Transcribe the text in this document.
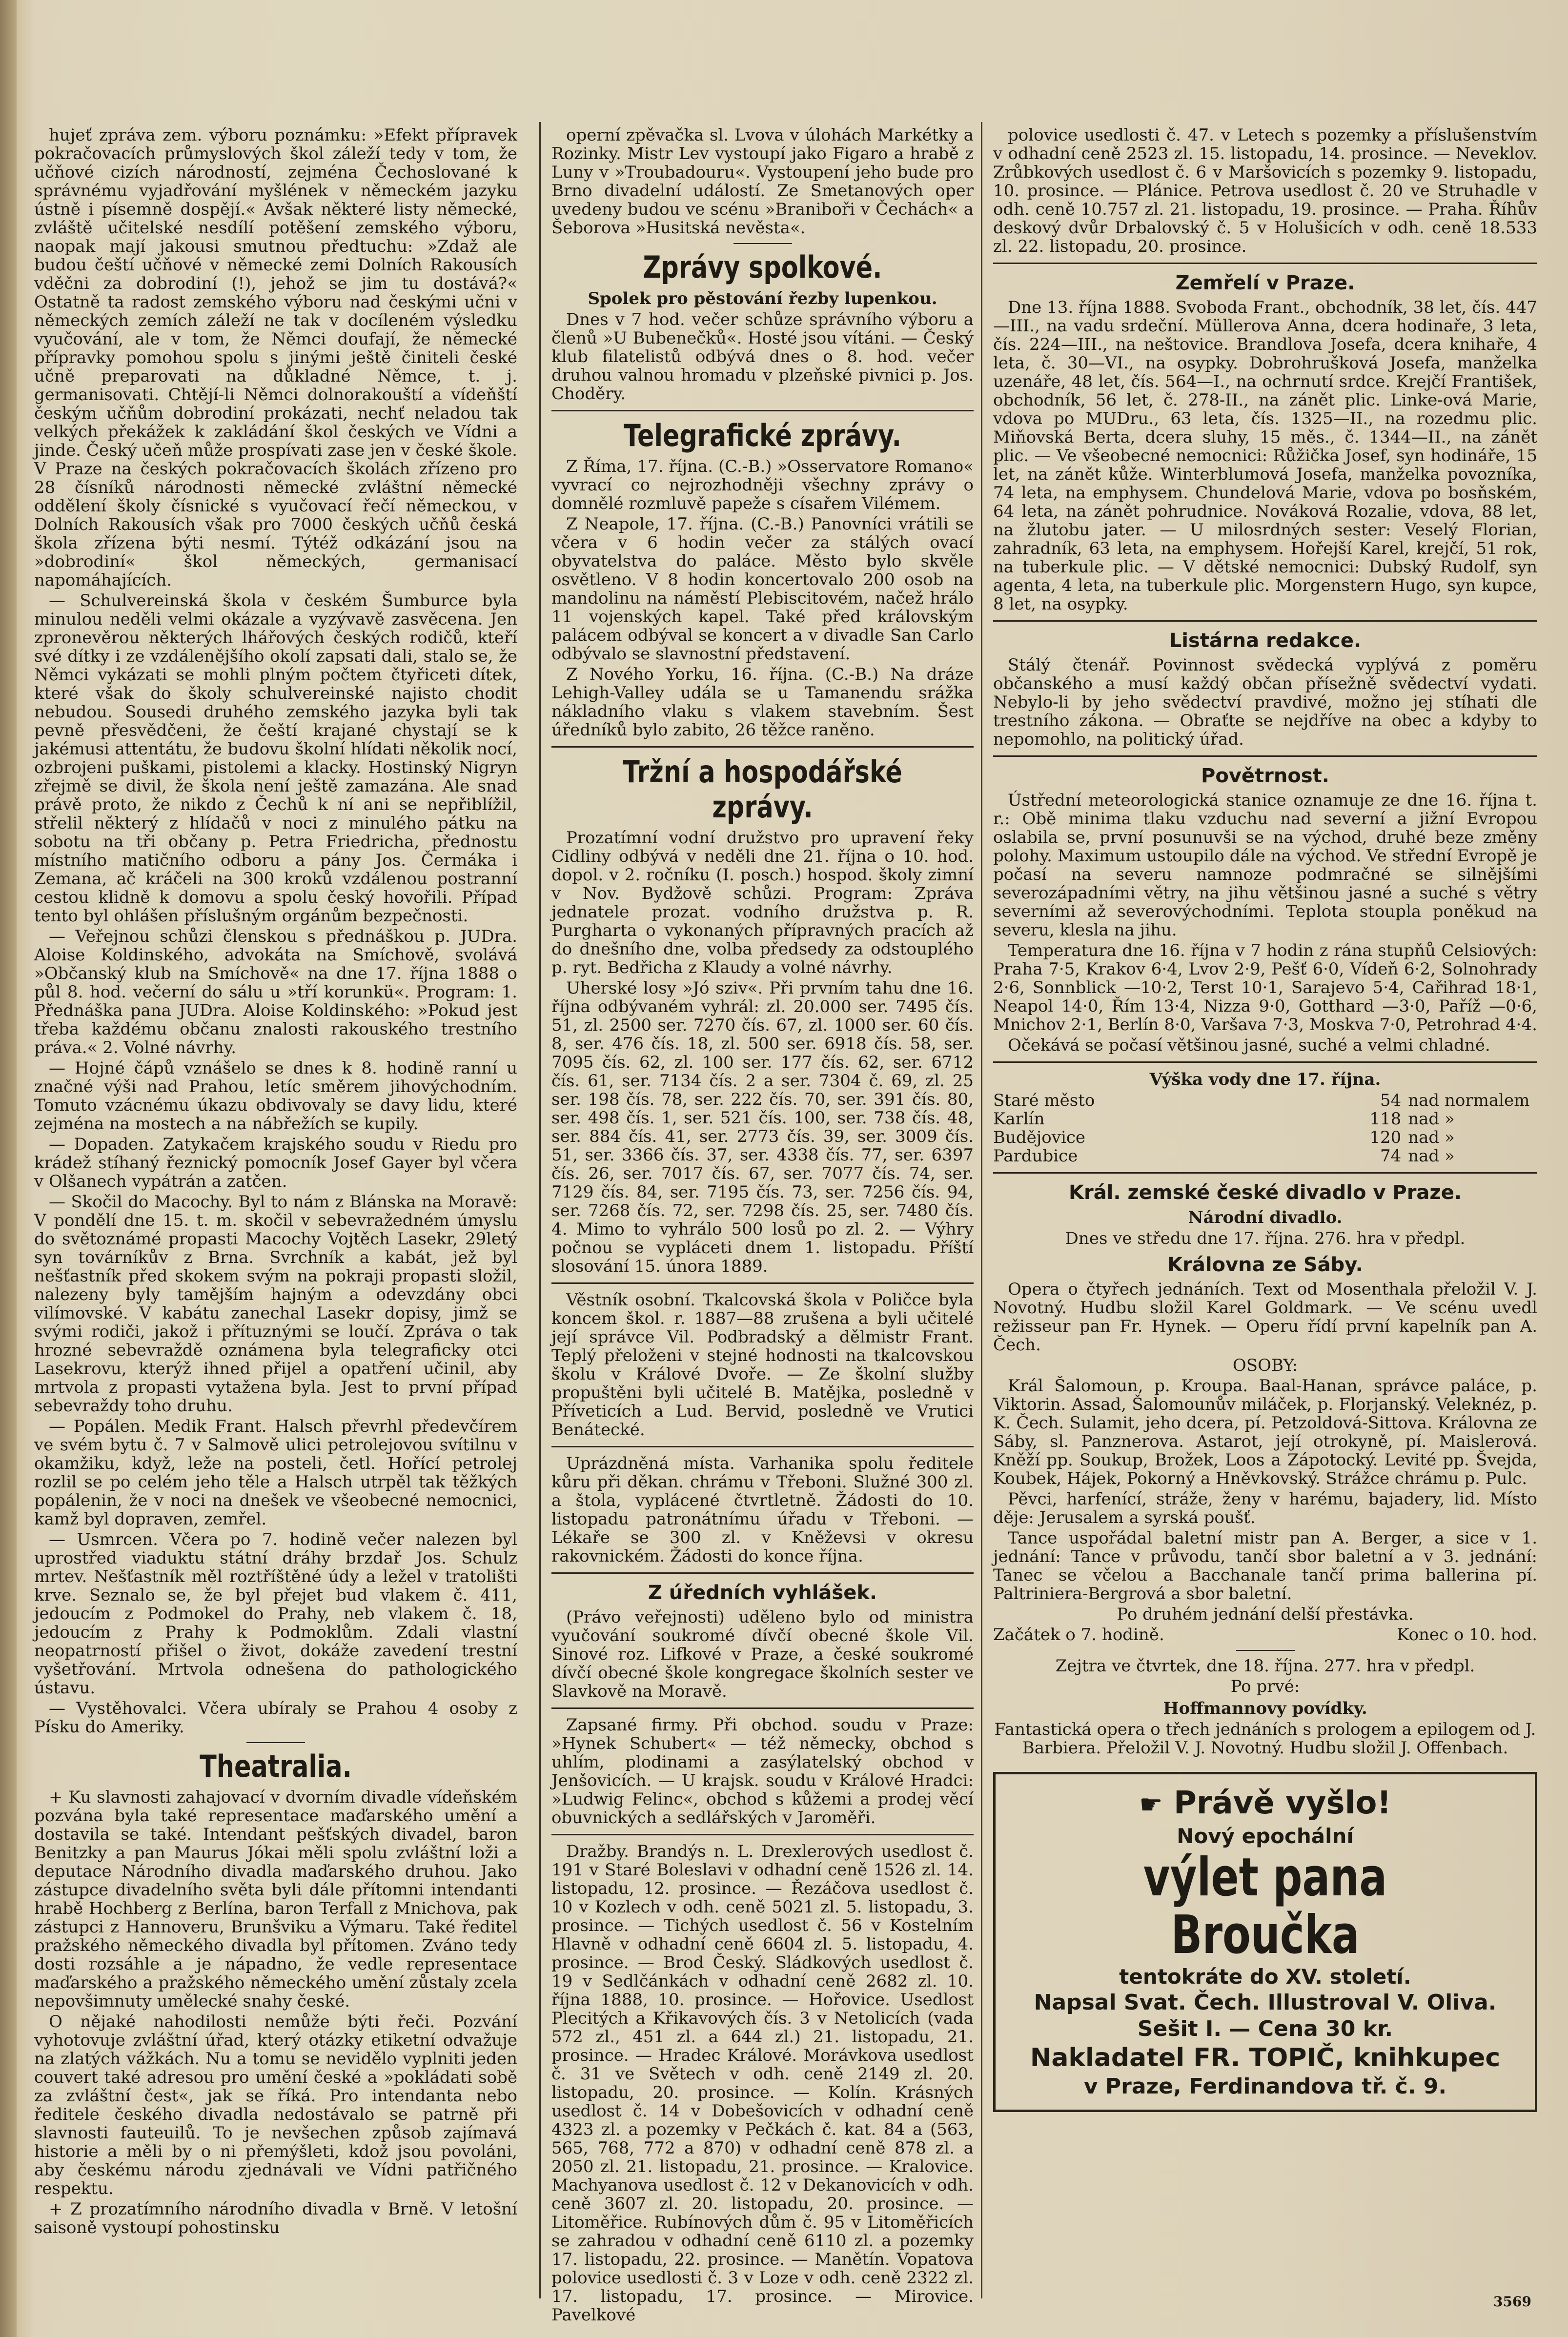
hujeť zpráva zem. výboru poznámku: »Efekt přípravek pokračovacích průmyslových škol záleží tedy v tom, že učňové cizích národností, zejména Čechoslované k správnému vyjadřování myšlének v německém jazyku ústně i písemně dospějí.« Avšak některé listy německé, zvláště učitelské nesdílí potěšení zemského výboru, naopak mají jakousi smutnou předtuchu: »Zdaž ale budou čeští učňové v německé zemi Dolních Rakousích vděčni za dobrodiní (!), jehož se jim tu dostává?« Ostatně ta radost zemského výboru nad českými učni v německých zemích záleží ne tak v docíleném výsledku vyučování, ale v tom, že Němci doufají, že německé přípravky pomohou spolu s jinými ještě činiteli české učně preparovati na důkladné Němce, t. j. germanisovati. Chtějí-li Němci dolnorakouští a vídeňští českým učňům dobrodiní prokázati, nechť neladou tak velkých překážek k zakládání škol českých ve Vídni a jinde. Český učeň může prospívati zase jen v české škole. V Praze na českých pokračovacích školách zřízeno pro 28 čísníků národnosti německé zvláštní německé oddělení školy čísnické s vyučovací řečí německou, v Dolních Rakousích však pro 7000 českých učňů česká škola zřízena býti nesmí. Týtéž odkázání jsou na »dobrodiní« škol německých, germanisací napomáhajících.

— Schulvereinská škola v českém Šumburce byla minulou neděli velmi okázale a vyzývavě zasvěcena. Jen zpronevěrou některých lhářových českých rodičů, kteří své dítky i ze vzdálenějšího okolí zapsati dali, stalo se, že Němci vykázati se mohli plným počtem čtyřiceti dítek, které však do školy schulvereinské najisto chodit nebudou. Sousedi druhého zemského jazyka byli tak pevně přesvědčeni, že čeští krajané chystají se k jakémusi attentátu, že budovu školní hlídati několik nocí, ozbrojeni puškami, pistolemi a klacky. Hostinský Nigryn zřejmě se divil, že škola není ještě zamazána. Ale snad právě proto, že nikdo z Čechů k ní ani se nepřiblížil, střelil některý z hlídačů v noci z minulého pátku na sobotu na tři občany p. Petra Friedricha, přednostu místního matičního odboru a pány Jos. Čermáka i Zemana, ač kráčeli na 300 kroků vzdálenou postranní cestou klidně k domovu a spolu český hovořili. Případ tento byl ohlášen příslušným orgánům bezpečnosti.

— Veřejnou schůzi členskou s přednáškou p. JUDra. Aloise Koldinského, advokáta na Smíchově, svolává »Občanský klub na Smíchově« na dne 17. října 1888 o půl 8. hod. večerní do sálu u »tří korunkü«. Program: 1. Přednáška pana JUDra. Aloise Koldinského: »Pokud jest třeba každému občanu znalosti rakouského trestního práva.« 2. Volné návrhy.

— Hojné čápů vznášelo se dnes k 8. hodině ranní u značné výši nad Prahou, letíc směrem jihovýchodním. Tomuto vzácnému úkazu obdivovaly se davy lidu, které zejména na mostech a na nábřežích se kupily.

— Dopaden. Zatykačem krajského soudu v Riedu pro krádež stíhaný řeznický pomocník Josef Gayer byl včera v Olšanech vypátrán a zatčen.

— Skočil do Macochy. Byl to nám z Blánska na Moravě: V pondělí dne 15. t. m. skočil v sebevražedném úmyslu do světoznámé propasti Macochy Vojtěch Lasekr, 29letý syn továrníkův z Brna. Svrchník a kabát, jež byl nešťastník před skokem svým na pokraji propasti složil, nalezeny byly tamějším hajným a odevzdány obci vilímovské. V kabátu zanechal Lasekr dopisy, jimž se svými rodiči, jakož i přítuznými se loučí. Zpráva o tak hrozné sebevraždě oznámena byla telegraficky otci Lasekrovu, kterýž ihned přijel a opatření učinil, aby mrtvola z propasti vytažena byla. Jest to první případ sebevraždy toho druhu.

— Popálen. Medik Frant. Halsch převrhl předevčírem ve svém bytu č. 7 v Salmově ulici petrolejovou svítilnu v okamžiku, když, leže na posteli, četl. Hořící petrolej rozlil se po celém jeho těle a Halsch utrpěl tak těžkých popálenin, že v noci na dnešek ve všeobecné nemocnici, kamž byl dopraven, zemřel.

— Usmrcen. Včera po 7. hodině večer nalezen byl uprostřed viaduktu státní dráhy brzdař Jos. Schulz mrtev. Nešťastník měl roztříštěné údy a ležel v tratolišti krve. Seznalo se, že byl přejet bud vlakem č. 411, jedoucím z Podmokel do Prahy, neb vlakem č. 18, jedoucím z Prahy k Podmoklům. Zdali vlastní neopatrností přišel o život, dokáže zavedení trestní vyšetřování. Mrtvola odnešena do pathologického ústavu.

— Vystěhovalci. Včera ubíraly se Prahou 4 osoby z Písku do Ameriky.

Theatralia.

+ Ku slavnosti zahajovací v dvorním divadle vídeňském pozvána byla také representace maďarského umění a dostavila se také. Intendant pešťských divadel, baron Benitzky a pan Maurus Jókai měli spolu zvláštní loži a deputace Národního divadla maďarského druhou. Jako zástupce divadelního světa byli dále přítomni intendanti hrabě Hochberg z Berlína, baron Terfall z Mnichova, pak zástupci z Hannoveru, Brunšviku a Výmaru. Také ředitel pražského německého divadla byl přítomen. Zváno tedy dosti rozsáhle a je nápadno, že vedle representace maďarského a pražského německého umění zůstaly zcela nepovšimnuty umělecké snahy české.

O nějaké nahodilosti nemůže býti řeči. Pozvání vyhotovuje zvláštní úřad, který otázky etiketní odvažuje na zlatých vážkách. Nu a tomu se nevidělo vyplniti jeden couvert také adresou pro umění české a »pokládati sobě za zvláštní čest«, jak se říká. Pro intendanta nebo ředitele českého divadla nedostávalo se patrně při slavnosti fauteuilů. To je nevšechen způsob zajímavá historie a měli by o ni přemýšleti, kdož jsou povoláni, aby českému národu zjednávali ve Vídni patřičného respektu.

+ Z prozatímního národního divadla v Brně. V letošní saisoně vystoupí pohostinsku

operní zpěvačka sl. Lvova v úlohách Markétky a Rozinky. Mistr Lev vystoupí jako Figaro a hrabě z Luny v »Troubadouru«. Vystoupení jeho bude pro Brno divadelní událostí. Ze Smetanových oper uvedeny budou ve scénu »Braniboři v Čechách« a Šeborova »Husitská nevěsta«.

Zprávy spolkové.
Spolek pro pěstování řezby lupenkou.

Dnes v 7 hod. večer schůze správního výboru a členů »U Bubenečků«. Hosté jsou vítáni. — Český klub filatelistů odbývá dnes o 8. hod. večer druhou valnou hromadu v plzeňské pivnici p. Jos. Choděry.

Telegrafické zprávy.

Z Říma, 17. října. (C.-B.) »Osservatore Romano« vyvrací co nejrozhodněji všechny zprávy o domnělé rozmluvě papeže s císařem Vilémem.

Z Neapole, 17. října. (C.-B.) Panovníci vrátili se včera v 6 hodin večer za stálých ovací obyvatelstva do paláce. Město bylo skvěle osvětleno. V 8 hodin koncertovalo 200 osob na mandolinu na náměstí Plebiscitovém, načež hrálo 11 vojenských kapel. Také před královským palácem odbýval se koncert a v divadle San Carlo odbývalo se slavnostní představení.

Z Nového Yorku, 16. října. (C.-B.) Na dráze Lehigh-Valley udála se u Tamanendu srážka nákladního vlaku s vlakem stavebním. Šest úředníků bylo zabito, 26 těžce raněno.

Tržní a hospodářské zprávy.

Prozatímní vodní družstvo pro upravení řeky Cidliny odbývá v neděli dne 21. října o 10. hod. dopol. v 2. ročníku (I. posch.) hospod. školy zimní v Nov. Bydžově schůzi. Program: Zpráva jednatele prozat. vodního družstva p. R. Purgharta o vykonaných přípravných pracích až do dnešního dne, volba předsedy za odstouplého p. ryt. Bedřicha z Klaudy a volné návrhy.

Uherské losy »Jó sziv«. Při prvním tahu dne 16. října odbývaném vyhrál: zl. 20.000 ser. 7495 čís. 51, zl. 2500 ser. 7270 čís. 67, zl. 1000 ser. 60 čís. 8, ser. 476 čís. 18, zl. 500 ser. 6918 čís. 58, ser. 7095 čís. 62, zl. 100 ser. 177 čís. 62, ser. 6712 čís. 61, ser. 7134 čís. 2 a ser. 7304 č. 69, zl. 25 ser. 198 čís. 78, ser. 222 čís. 70, ser. 391 čís. 80, ser. 498 čís. 1, ser. 521 čís. 100, ser. 738 čís. 48, ser. 884 čís. 41, ser. 2773 čís. 39, ser. 3009 čís. 51, ser. 3366 čís. 37, ser. 4338 čís. 77, ser. 6397 čís. 26, ser. 7017 čís. 67, ser. 7077 čís. 74, ser. 7129 čís. 84, ser. 7195 čís. 73, ser. 7256 čís. 94, ser. 7268 čís. 72, ser. 7298 čís. 25, ser. 7480 čís. 4. Mimo to vyhrálo 500 losů po zl. 2. — Výhry počnou se vypláceti dnem 1. listopadu. Příští slosování 15. února 1889.

Věstník osobní. Tkalcovská škola v Poličce byla koncem škol. r. 1887—88 zrušena a byli učitelé její správce Vil. Podbradský a dělmistr Frant. Teplý přeloženi v stejné hodnosti na tkalcovskou školu v Králové Dvoře. — Ze školní služby propuštěni byli učitelé B. Matějka, posledně v Příveticích a Lud. Bervid, posledně ve Vrutici Benátecké.

Uprázdněná místa. Varhanika spolu ředitele kůru při děkan. chrámu v Třeboni. Služné 300 zl. a štola, vyplácené čtvrtletně. Žádosti do 10. listopadu patronátnímu úřadu v Třeboni. — Lékaře se 300 zl. v Kněževsi v okresu rakovnickém. Žádosti do konce října.

Z úředních vyhlášek.

(Právo veřejnosti) uděleno bylo od ministra vyučování soukromé dívčí obecné škole Vil. Sinové roz. Lifkové v Praze, a české soukromé dívčí obecné škole kongregace školních sester ve Slavkově na Moravě.

Zapsané firmy. Při obchod. soudu v Praze: »Hynek Schubert« — též německy, obchod s uhlím, plodinami a zasýlatelský obchod v Jenšovicích. — U krajsk. soudu v Králové Hradci: »Ludwig Felinc«, obchod s kůžemi a prodej věcí obuvnických a sedlářských v Jaroměři.

Dražby. Brandýs n. L. Drexlerových usedlost č. 191 v Staré Boleslavi v odhadní ceně 1526 zl. 14. listopadu, 12. prosince. — Řezáčova usedlost č. 10 v Kozlech v odh. ceně 5021 zl. 5. listopadu, 3. prosince. — Tichých usedlost č. 56 v Kostelním Hlavně v odhadní ceně 6604 zl. 5. listopadu, 4. prosince. — Brod Český. Sládkových usedlost č. 19 v Sedlčánkách v odhadní ceně 2682 zl. 10. října 1888, 10. prosince. — Hořovice. Usedlost Plecitých a Křikavových čís. 3 v Netolicích (vada 572 zl., 451 zl. a 644 zl.) 21. listopadu, 21. prosince. — Hradec Králové. Morávkova usedlost č. 31 ve Světech v odh. ceně 2149 zl. 20. listopadu, 20. prosince. — Kolín. Krásných usedlost č. 14 v Dobešovicích v odhadní ceně 4323 zl. a pozemky v Pečkách č. kat. 84 a (563, 565, 768, 772 a 870) v odhadní ceně 878 zl. a 2050 zl. 21. listopadu, 21. prosince. — Kralovice. Machyanova usedlost č. 12 v Dekanovicích v odh. ceně 3607 zl. 20. listopadu, 20. prosince. — Litoměřice. Rubínových dům č. 95 v Litoměřicích se zahradou v odhadní ceně 6110 zl. a pozemky 17. listopadu, 22. prosince. — Manětín. Vopatova polovice usedlosti č. 3 v Loze v odh. ceně 2322 zl. 17. listopadu, 17. prosince. — Mirovice. Pavelkové

polovice usedlosti č. 47. v Letech s pozemky a příslušenstvím v odhadní ceně 2523 zl. 15. listopadu, 14. prosince. — Neveklov. Zrůbkových usedlost č. 6 v Maršovicích s pozemky 9. listopadu, 10. prosince. — Plánice. Petrova usedlost č. 20 ve Struhadle v odh. ceně 10.757 zl. 21. listopadu, 19. prosince. — Praha. Říhův deskový dvůr Drbalovský č. 5 v Holušicích v odh. ceně 18.533 zl. 22. listopadu, 20. prosince.

Zemřelí v Praze.

Dne 13. října 1888. Svoboda Frant., obchodník, 38 let, čís. 447—III., na vadu srdeční. Müllerova Anna, dcera hodinaře, 3 leta, čís. 224—III., na neštovice. Brandlova Josefa, dcera knihaře, 4 leta, č. 30—VI., na osypky. Dobrohrušková Josefa, manželka uzenáře, 48 let, čís. 564—I., na ochrnutí srdce. Krejčí František, obchodník, 56 let, č. 278-II., na zánět plic. Linke-ová Marie, vdova po MUDru., 63 leta, čís. 1325—II., na rozedmu plic. Miňovská Berta, dcera sluhy, 15 měs., č. 1344—II., na zánět plic. — Ve všeobecné nemocnici: Růžička Josef, syn hodináře, 15 let, na zánět kůže. Winterblumová Josefa, manželka povozníka, 74 leta, na emphysem. Chundelová Marie, vdova po bosňském, 64 leta, na zánět pohrudnice. Nováková Rozalie, vdova, 88 let, na žlutobu jater. — U milosrdných sester: Veselý Florian, zahradník, 63 leta, na emphysem. Hořejší Karel, krejčí, 51 rok, na tuberkule plic. — V dětské nemocnici: Dubský Rudolf, syn agenta, 4 leta, na tuberkule plic. Morgenstern Hugo, syn kupce, 8 let, na osypky.

Listárna redakce.

Stálý čtenář. Povinnost svědecká vyplývá z poměru občanského a musí každý občan přísežně svědectví vydati. Nebylo-li by jeho svědectví pravdivé, možno jej stíhati dle trestního zákona. — Obraťte se nejdříve na obec a kdyby to nepomohlo, na politický úřad.

Povětrnost.

Ústřední meteorologická stanice oznamuje ze dne 16. října t. r.: Obě minima tlaku vzduchu nad severní a jižní Evropou oslabila se, první posunuvši se na východ, druhé beze změny polohy. Maximum ustoupilo dále na východ. Ve střední Evropě je počasí na severu namnoze podmračné se silnějšími severozápadními větry, na jihu většinou jasné a suché s větry severními až severovýchodními. Teplota stoupla poněkud na severu, klesla na jihu.

Temperatura dne 16. října v 7 hodin z rána stupňů Celsiových: Praha 7·5, Krakov 6·4, Lvov 2·9, Pešť 6·0, Vídeň 6·2, Solnohrady 2·6, Sonnblick —10·2, Terst 10·1, Sarajevo 5·4, Cařihrad 18·1, Neapol 14·0, Řím 13·4, Nizza 9·0, Gotthard —3·0, Paříž —0·6, Mnichov 2·1, Berlín 8·0, Varšava 7·3, Moskva 7·0, Petrohrad 4·4.

Očekává se počasí většinou jasné, suché a velmi chladné.

Výška vody dne 17. října.
Staré město	54	nad normalem
Karlín	118	nad »
Budějovice	120	nad »
Pardubice	74	nad »
Král. zemské české divadlo v Praze.
Národní divadlo.

Dnes ve středu dne 17. října. 276. hra v předpl.

Královna ze Sáby.

Opera o čtyřech jednáních. Text od Mosenthala přeložil V. J. Novotný. Hudbu složil Karel Goldmark. — Ve scénu uvedl režisseur pan Fr. Hynek. — Operu řídí první kapelník pan A. Čech.

OSOBY:

Král Šalomoun, p. Kroupa. Baal-Hanan, správce paláce, p. Viktorin. Assad, Šalomounův miláček, p. Florjanský. Veleknéz, p. K. Čech. Sulamit, jeho dcera, pí. Petzoldová-Sittova. Královna ze Sáby, sl. Panznerova. Astarot, její otrokyně, pí. Maislerová. Kněží pp. Soukup, Brožek, Loos a Zápotocký. Levité pp. Švejda, Koubek, Hájek, Pokorný a Hněvkovský. Strážce chrámu p. Pulc.

Pěvci, harfenící, stráže, ženy v harému, bajadery, lid. Místo děje: Jerusalem a syrská poušť.

Tance uspořádal baletní mistr pan A. Berger, a sice v 1. jednání: Tance v průvodu, tančí sbor baletní a v 3. jednání: Tanec se včelou a Bacchanale tančí prima ballerina pí. Paltriniera-Bergrová a sbor baletní.

Po druhém jednání delší přestávka.

Začátek o 7. hodině.	Konec o 10. hod.

Zejtra ve čtvrtek, dne 18. října. 277. hra v předpl.

Po prvé:

Hoffmannovy povídky.

Fantastická opera o třech jednáních s prologem a epilogem od J. Barbiera. Přeložil V. J. Novotný. Hudbu složil J. Offenbach.

☛ Právě vyšlo!
Nový epochální
výlet pana Broučka
tentokráte do XV. století.
Napsal Svat. Čech. Illustroval V. Oliva.
Sešit I. — Cena 30 kr.
Nakladatel FR. TOPIČ, knihkupec
v Praze, Ferdinandova tř. č. 9.
3569
